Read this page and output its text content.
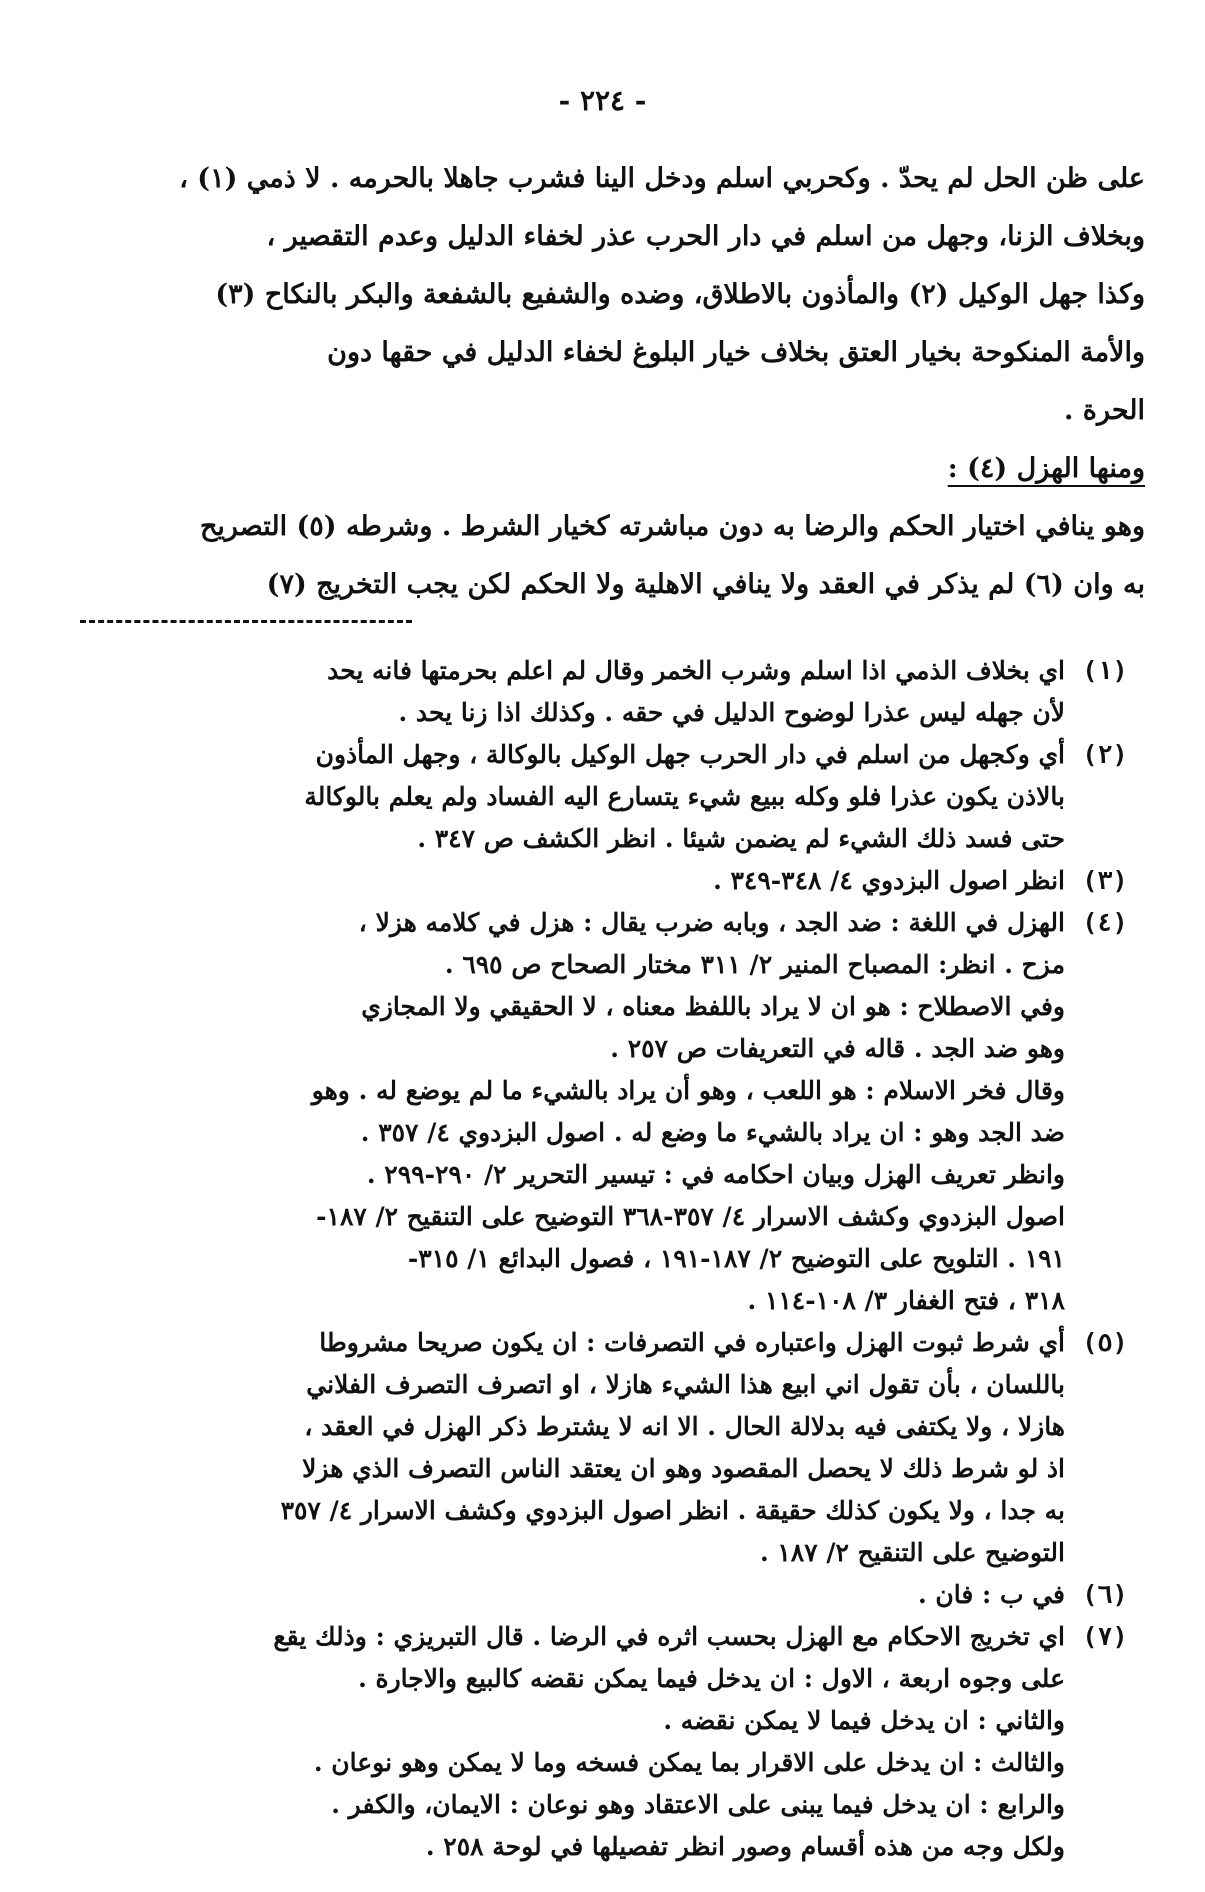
- ٢٢٤ -

على ظن الحل لم يحدّ . وكحربي اسلم ودخل الينا فشرب جاهلا بالحرمه . لا ذمي (١) ،
وبخلاف الزنا، وجهل من اسلم في دار الحرب عذر لخفاء الدليل وعدم التقصير ،
وكذا جهل الوكيل (٢) والمأذون بالاطلاق، وضده والشفيع بالشفعة والبكر بالنكاح (٣)
والأمة المنكوحة بخيار العتق بخلاف خيار البلوغ لخفاء الدليل في حقها دون
الحرة .

ومنها الهزل (٤) :

وهو ينافي اختيار الحكم والرضا به دون مباشرته كخيار الشرط . وشرطه (٥) التصريح
به وان (٦) لم يذكر في العقد ولا ينافي الاهلية ولا الحكم لكن يجب التخريج (٧)

(١)
اي بخلاف الذمي اذا اسلم وشرب الخمر وقال لم اعلم بحرمتها فانه يحد
لأن جهله ليس عذرا لوضوح الدليل في حقه . وكذلك اذا زنا يحد .
(٢)
أي وكجهل من اسلم في دار الحرب جهل الوكيل بالوكالة ، وجهل المأذون
بالاذن يكون عذرا فلو وكله ببيع شيء يتسارع اليه الفساد ولم يعلم بالوكالة
حتى فسد ذلك الشيء لم يضمن شيئا . انظر الكشف ص ٣٤٧ .
(٣)
انظر اصول البزدوي ٤/ ٣٤٨-٣٤٩ .
(٤)
الهزل في اللغة : ضد الجد ، وبابه ضرب يقال : هزل في كلامه هزلا ،
مزح . انظر: المصباح المنير ٢/ ٣١١ مختار الصحاح ص ٦٩٥ .
وفي الاصطلاح : هو ان لا يراد باللفظ معناه ، لا الحقيقي ولا المجازي
وهو ضد الجد . قاله في التعريفات ص ٢٥٧ .
وقال فخر الاسلام : هو اللعب ، وهو أن يراد بالشيء ما لم يوضع له . وهو
ضد الجد وهو : ان يراد بالشيء ما وضع له . اصول البزدوي ٤/ ٣٥٧ .
وانظر تعريف الهزل وبيان احكامه في : تيسير التحرير ٢/ ٢٩٠-٢٩٩ .
اصول البزدوي وكشف الاسرار ٤/ ٣٥٧-٣٦٨ التوضيح على التنقيح ٢/ ١٨٧-
١٩١ . التلويح على التوضيح ٢/ ١٨٧-١٩١ ، فصول البدائع ١/ ٣١٥-
٣١٨ ، فتح الغفار ٣/ ١٠٨-١١٤ .
(٥)
أي شرط ثبوت الهزل واعتباره في التصرفات : ان يكون صريحا مشروطا
باللسان ، بأن تقول اني ابيع هذا الشيء هازلا ، او اتصرف التصرف الفلاني
هازلا ، ولا يكتفى فيه بدلالة الحال . الا انه لا يشترط ذكر الهزل في العقد ،
اذ لو شرط ذلك لا يحصل المقصود وهو ان يعتقد الناس التصرف الذي هزلا
به جدا ، ولا يكون كذلك حقيقة . انظر اصول البزدوي وكشف الاسرار ٤/ ٣٥٧
التوضيح على التنقيح ٢/ ١٨٧ .
(٦)
في ب : فان .
(٧)
اي تخريج الاحكام مع الهزل بحسب اثره في الرضا . قال التبريزي : وذلك يقع
على وجوه اربعة ، الاول : ان يدخل فيما يمكن نقضه كالبيع والاجارة .
والثاني : ان يدخل فيما لا يمكن نقضه .
والثالث : ان يدخل على الاقرار بما يمكن فسخه وما لا يمكن وهو نوعان .
والرابع : ان يدخل فيما يبنى على الاعتقاد وهو نوعان : الايمان، والكفر .
ولكل وجه من هذه أقسام وصور انظر تفصيلها في لوحة ٢٥٨ .
